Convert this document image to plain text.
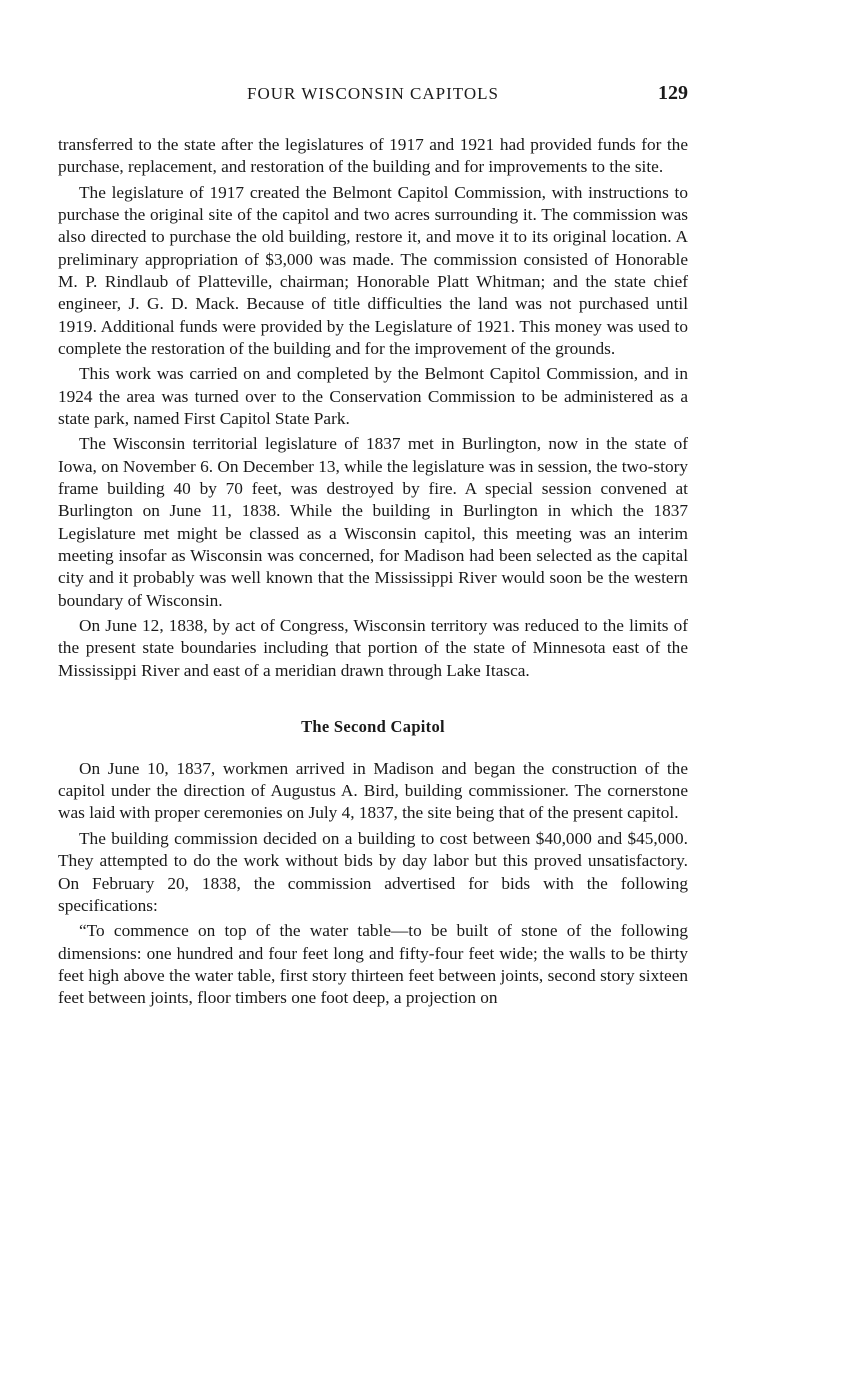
FOUR WISCONSIN CAPITOLS	129

transferred to the state after the legislatures of 1917 and 1921 had provided funds for the purchase, replacement, and restoration of the building and for improvements to the site.

The legislature of 1917 created the Belmont Capitol Commission, with instructions to purchase the original site of the capitol and two acres surrounding it. The commission was also directed to purchase the old building, restore it, and move it to its original location. A preliminary appropriation of $3,000 was made. The commission consisted of Honorable M. P. Rindlaub of Platteville, chairman; Honorable Platt Whitman; and the state chief engineer, J. G. D. Mack. Because of title difficulties the land was not purchased until 1919. Additional funds were provided by the Legislature of 1921. This money was used to complete the restoration of the building and for the improvement of the grounds.

This work was carried on and completed by the Belmont Capitol Commission, and in 1924 the area was turned over to the Conservation Commission to be administered as a state park, named First Capitol State Park.

The Wisconsin territorial legislature of 1837 met in Burlington, now in the state of Iowa, on November 6. On December 13, while the legislature was in session, the two-story frame building 40 by 70 feet, was destroyed by fire. A special session convened at Burlington on June 11, 1838. While the building in Burlington in which the 1837 Legislature met might be classed as a Wisconsin capitol, this meeting was an interim meeting insofar as Wisconsin was concerned, for Madison had been selected as the capital city and it probably was well known that the Mississippi River would soon be the western boundary of Wisconsin.

On June 12, 1838, by act of Congress, Wisconsin territory was reduced to the limits of the present state boundaries including that portion of the state of Minnesota east of the Mississippi River and east of a meridian drawn through Lake Itasca.

The Second Capitol

On June 10, 1837, workmen arrived in Madison and began the construction of the capitol under the direction of Augustus A. Bird, building commissioner. The cornerstone was laid with proper ceremonies on July 4, 1837, the site being that of the present capitol.

The building commission decided on a building to cost between $40,000 and $45,000. They attempted to do the work without bids by day labor but this proved unsatisfactory. On February 20, 1838, the commission advertised for bids with the following specifications:

“To commence on top of the water table—to be built of stone of the following dimensions: one hundred and four feet long and fifty-four feet wide; the walls to be thirty feet high above the water table, first story thirteen feet between joints, second story sixteen feet between joints, floor timbers one foot deep, a projection on
